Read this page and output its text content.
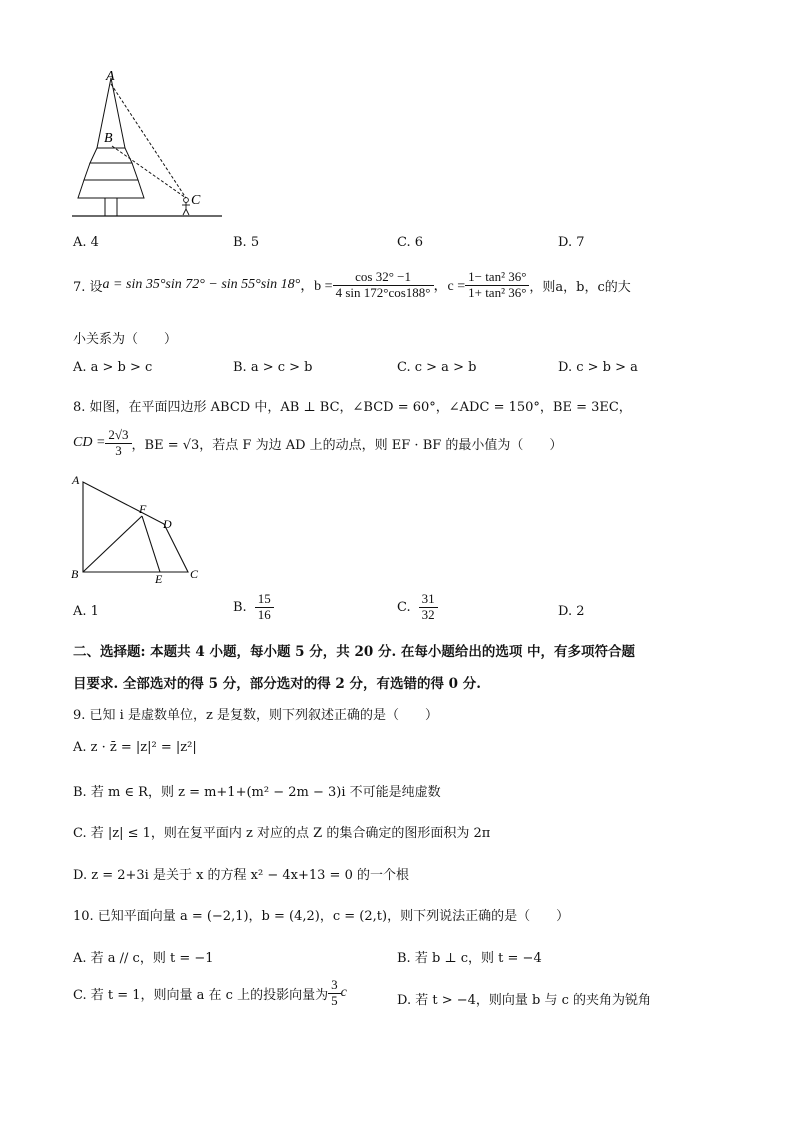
A
B
C
A. 4	B. 5	C. 6	D. 7
7. 设 a = sin 35°sin 72° − sin 55°sin 18° ，$b = \frac{\cos 32^\circ -1}{4 \sin 172^\circ\cos 188^\circ}$ ，$c = \frac{\text{1− tan² 36°}}{\text{1+ tan² 36°}}$ ，则a，b，c的大
小关系为（　　）
A. a > b > c	B. a > c > b	C. c > a > b	D. c > b > a
8. 如图，在平面四边形 ABCD 中，AB ⊥ BC，∠BCD = 60°，∠ADC = 150°，BE = 3EC，
CD = $\frac{2√3}{3}$ ，BE = √3，若点 F 为边 AD 上的动点，则 EF · BF 的最小值为（　　）
A
B	C
D
E
F
A. 1	B. $\frac{15}{16}$	C. $\frac{31}{32}$	D. 2
二、选择题: 本题共 4 小题，每小题 5 分，共 20 分. 在每小题给出的选项 中，有多项符合题
目要求. 全部选对的得 5 分，部分选对的得 2 分，有选错的得 0 分.
9. 已知 i 是虚数单位，z 是复数，则下列叙述正确的是（　　）
A. z · z̄ = |z|² = |z²|
B. 若 m ∈ R，则 z = m+1+(m² − 2m − 3)i 不可能是纯虚数
C. 若 |z| ≤ 1，则在复平面内 z 对应的点 Z 的集合确定的图形面积为 2π
D. z = 2+3i 是关于 x 的方程 x² − 4x+13 = 0 的一个根
10. 已知平面向量 a = (−2,1)，b = (4,2)，c = (2,t)，则下列说法正确的是（　　）
A. 若 a // c，则 t = −1	B. 若 b ⊥ c，则 t = −4
C. 若 t = 1，则向量 a 在 c 上的投影向量为 $\frac{3}{5}$ c
D. 若 t > −4，则向量 b 与 c 的夹角为锐角
